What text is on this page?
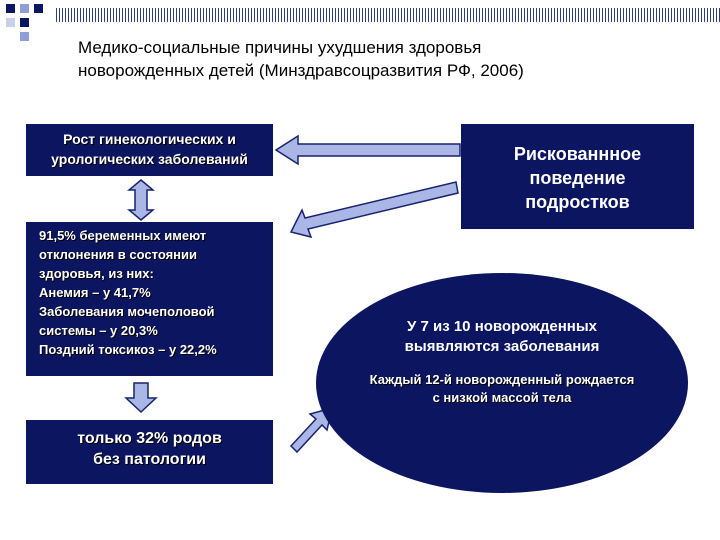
Медико-социальные причины ухудшения здоровья
новорожденных детей (Минздравсоцразвития РФ, 2006)
Рост гинекологических и
урологических заболеваний	Рискованнное
поведение
подростков
91,5% беременных имеют
отклонения в состоянии
здоровья, из них:
Анемия – у 41,7%
Заболевания мочеполовой
системы – у 20,3%
Поздний токсикоз – у 22,2%
только 32% родов
без патологии
У 7 из 10 новорожденных
выявляются заболевания
Каждый 12-й новорожденный рождается
с низкой массой тела
